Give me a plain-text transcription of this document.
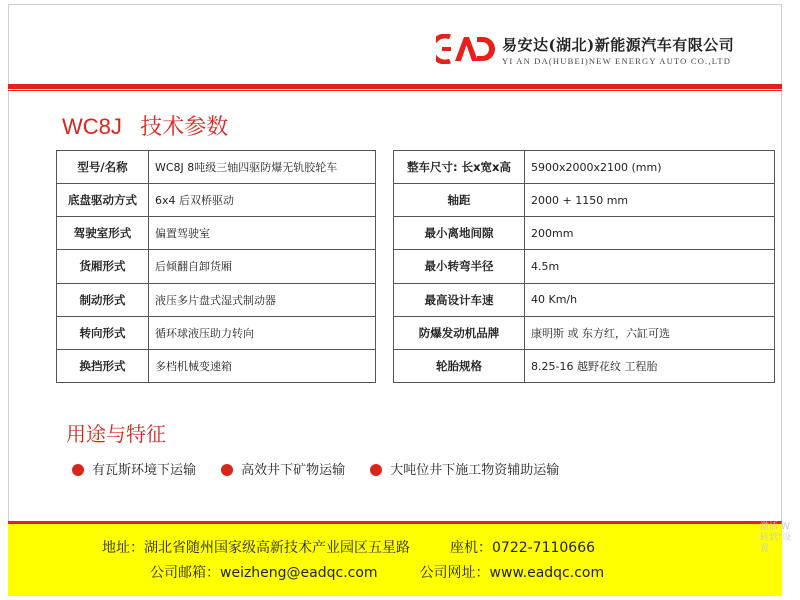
易安达(湖北)新能源汽车有限公司
YI AN DA(HUBEI)NEW ENERGY AUTO CO.,LTD
WC8J   技术参数
型号/名称	WC8J 8吨级三轴四驱防爆无轨胶轮车		整车尺寸: 长x宽x高	5900x2000x2100 (mm)
底盘驱动方式	6x4 后双桥驱动		轴距	2000 + 1150 mm
驾驶室形式	偏置驾驶室		最小离地间隙	200mm
货厢形式	后倾翻自卸货厢		最小转弯半径	4.5m
制动形式	液压多片盘式湿式制动器		最高设计车速	40 Km/h
转向形式	循环球液压助力转向		防爆发动机品牌	康明斯 或 东方红，六缸可选
换挡形式	多档机械变速箱		轮胎规格	8.25-16 越野花纹 工程胎
用途与特征
有瓦斯环境下运输	高效井下矿物运输	大吨位井下施工物资辅助运输
地址：湖北省随州国家级高新技术产业园区五星路	座机：0722-7110666
公司邮箱：weizheng@eadqc.com	公司网址：www.eadqc.com
激活 W
转到"设置
